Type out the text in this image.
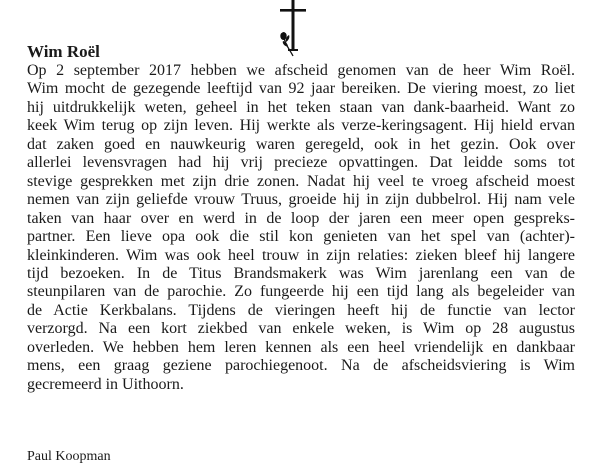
Wim Roël

Op 2 september 2017 hebben we afscheid genomen van de heer Wim Roël.
Wim mocht de gezegende leeftijd van 92 jaar bereiken. De viering moest, zo liet
hij uitdrukkelijk weten, geheel in het teken staan van dank-baarheid. Want zo
keek Wim terug op zijn leven. Hij werkte als verze-keringsagent. Hij hield ervan
dat zaken goed en nauwkeurig waren geregeld, ook in het gezin. Ook over
allerlei levensvragen had hij vrij precieze opvattingen. Dat leidde soms tot
stevige gesprekken met zijn drie zonen. Nadat hij veel te vroeg afscheid moest
nemen van zijn geliefde vrouw Truus, groeide hij in zijn dubbelrol. Hij nam vele
taken van haar over en werd in de loop der jaren een meer open gespreks-
partner. Een lieve opa ook die stil kon genieten van het spel van (achter)-
kleinkinderen. Wim was ook heel trouw in zijn relaties: zieken bleef hij langere
tijd bezoeken. In de Titus Brandsmakerk was Wim jarenlang een van de
steunpilaren van de parochie. Zo fungeerde hij een tijd lang als begeleider van
de Actie Kerkbalans. Tijdens de vieringen heeft hij de functie van lector
verzorgd. Na een kort ziekbed van enkele weken, is Wim op 28 augustus
overleden. We hebben hem leren kennen als een heel vriendelijk en dankbaar
mens, een graag geziene parochiegenoot. Na de afscheidsviering is Wim
gecremeerd in Uithoorn.

Paul Koopman
